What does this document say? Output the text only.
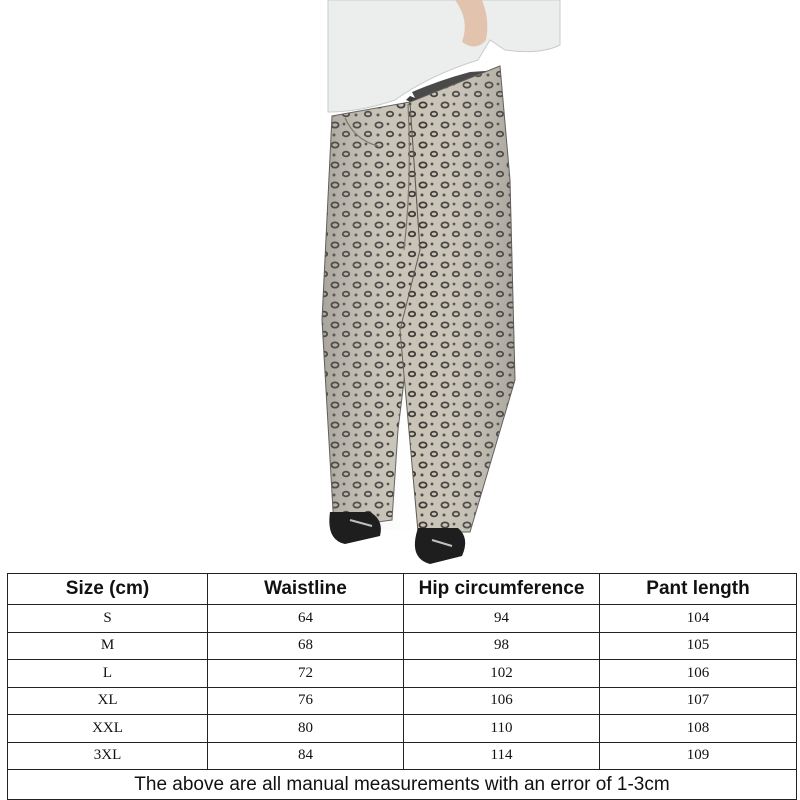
Size (cm)	Waistline	Hip circumference	Pant length
S	64	94	104
M	68	98	105
L	72	102	106
XL	76	106	107
XXL	80	110	108
3XL	84	114	109
The above are all manual measurements with an error of 1-3cm			
